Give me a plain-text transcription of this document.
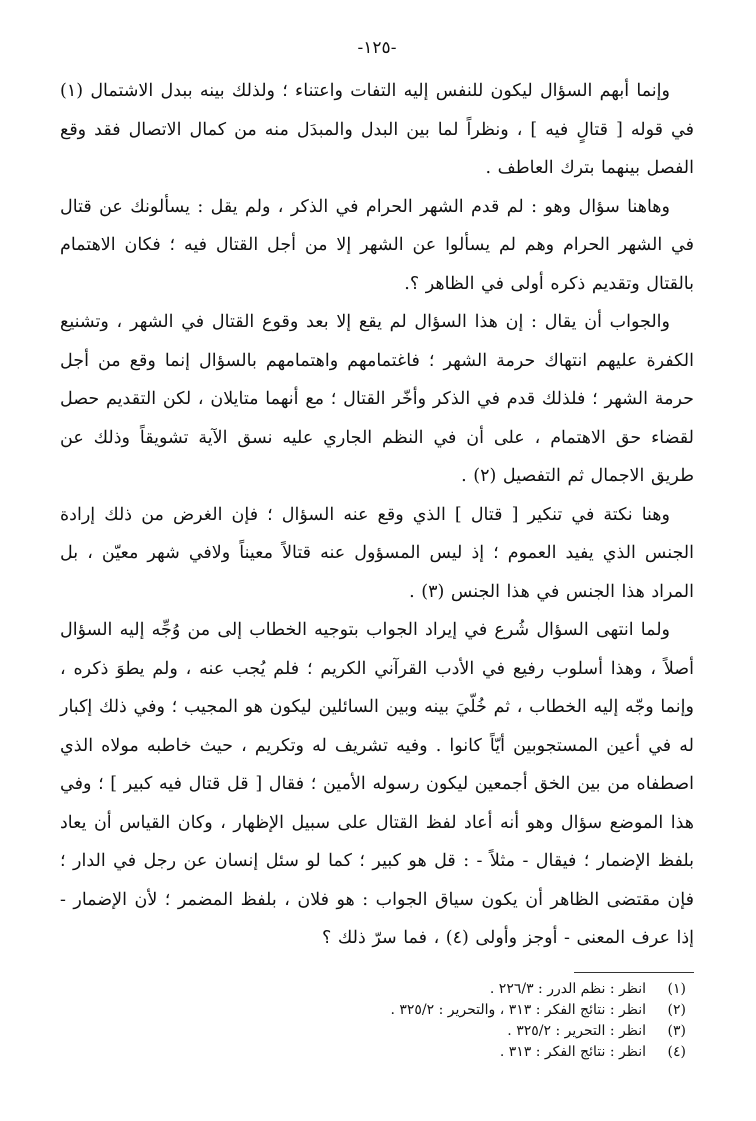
-١٢٥-

وإنما أبهم السؤال ليكون للنفس إليه التفات واعتناء ؛ ولذلك بينه ببدل الاشتمال (١) في قوله [ قتالٍ فيه ] ، ونظراً لما بين البدل والمبدَل منه من كمال الاتصال فقد وقع الفصل بينهما بترك العاطف .

وهاهنا سؤال وهو : لم قدم الشهر الحرام في الذكر ، ولم يقل : يسألونك عن قتال في الشهر الحرام وهم لم يسألوا عن الشهر إلا من أجل القتال فيه ؛ فكان الاهتمام بالقتال وتقديم ذكره أولى في الظاهر ؟.

والجواب أن يقال : إن هذا السؤال لم يقع إلا بعد وقوع القتال في الشهر ، وتشنيع الكفرة عليهم انتهاك حرمة الشهر ؛ فاغتمامهم واهتمامهم بالسؤال إنما وقع من أجل حرمة الشهر ؛ فلذلك قدم في الذكر وأخّر القتال ؛ مع أنهما متايلان ، لكن التقديم حصل لقضاء حق الاهتمام ، على أن في النظم الجاري عليه نسق الآية تشويقاً وذلك عن طريق الاجمال ثم التفصيل (٢) .

وهنا نكتة في تنكير [ قتال ] الذي وقع عنه السؤال ؛ فإن الغرض من ذلك إرادة الجنس الذي يفيد العموم ؛ إذ ليس المسؤول عنه قتالاً معيناً ولافي شهر معيّن ، بل المراد هذا الجنس في هذا الجنس (٣) .

ولما انتهى السؤال شُرع في إيراد الجواب بتوجيه الخطاب إلى من وُجِّه إليه السؤال أصلاً ، وهذا أسلوب رفيع في الأدب القرآني الكريم ؛ فلم يُجب عنه ، ولم يطوَ ذكره ، وإنما وجّه إليه الخطاب ، ثم خُلّيَ بينه وبين السائلين ليكون هو المجيب ؛ وفي ذلك إكبار له في أعين المستجوبين أيّاً كانوا . وفيه تشريف له وتكريم ، حيث خاطبه مولاه الذي اصطفاه من بين الخق أجمعين ليكون رسوله الأمين ؛ فقال [ قل قتال فيه كبير ] ؛ وفي هذا الموضع سؤال وهو أنه أعاد لفظ القتال على سبيل الإظهار ، وكان القياس أن يعاد بلفظ الإضمار ؛ فيقال - مثلاً - : قل هو كبير ؛ كما لو سئل إنسان عن رجل في الدار ؛ فإن مقتضى الظاهر أن يكون سياق الجواب : هو فلان ، بلفظ المضمر ؛ لأن الإضمار - إذا عرف المعنى - أوجز وأولى (٤) ، فما سرّ ذلك ؟

(١)
انظر : نظم الدرر : ٢٢٦/٣ .
(٢)
انظر : نتائج الفكر : ٣١٣ ، والتحرير : ٣٢٥/٢ .
(٣)
انظر : التحرير : ٣٢٥/٢ .
(٤)
انظر : نتائج الفكر : ٣١٣ .
